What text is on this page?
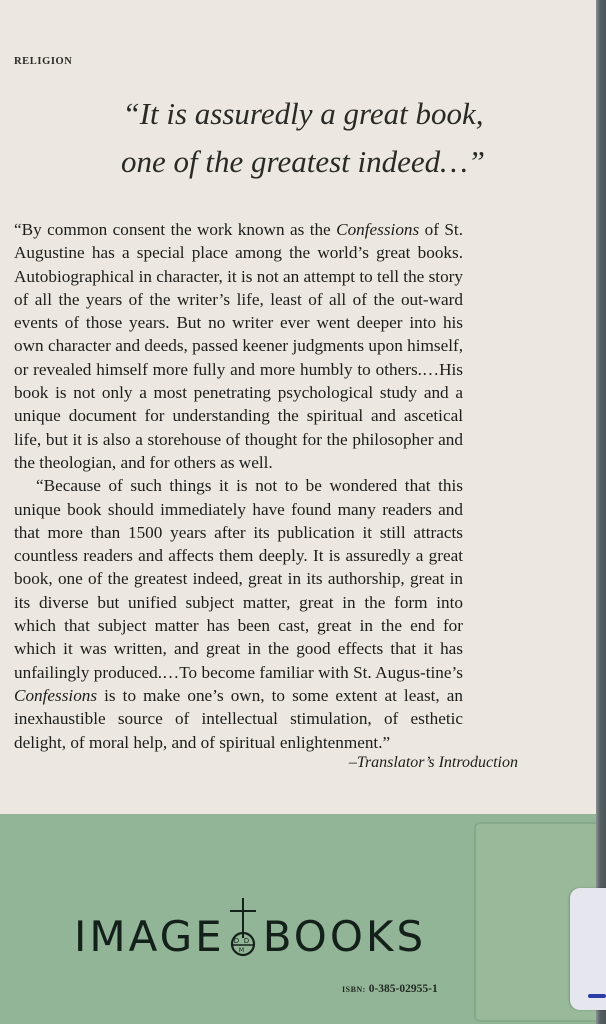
RELIGION
“It is assuredly a great book,
one of the greatest indeed…”

“By common consent the work known as the Confessions of St. Augustine has a special place among the world’s great books. Autobiographical in character, it is not an attempt to tell the story of all the years of the writer’s life, least of all of the out-ward events of those years. But no writer ever went deeper into his own character and deeds, passed keener judgments upon himself, or revealed himself more fully and more humbly to others.…His book is not only a most penetrating psychological study and a unique document for understanding the spiritual and ascetical life, but it is also a storehouse of thought for the philosopher and the theologian, and for others as well.

“Because of such things it is not to be wondered that this unique book should immediately have found many readers and that more than 1500 years after its publication it still attracts countless readers and affects them deeply. It is assuredly a great book, one of the greatest indeed, great in its authorship, great in its diverse but unified subject matter, great in the form into which that subject matter has been cast, great in the end for which it was written, and great in the good effects that it has unfailingly produced.…To become familiar with St. Augus-tine’s Confessions is to make one’s own, to some extent at least, an inexhaustible source of intellectual stimulation, of esthetic delight, of moral help, and of spiritual enlightenment.”

–Translator’s Introduction
IMAGE D D
M BOOKS
ISBN: 0-385-02955-1
